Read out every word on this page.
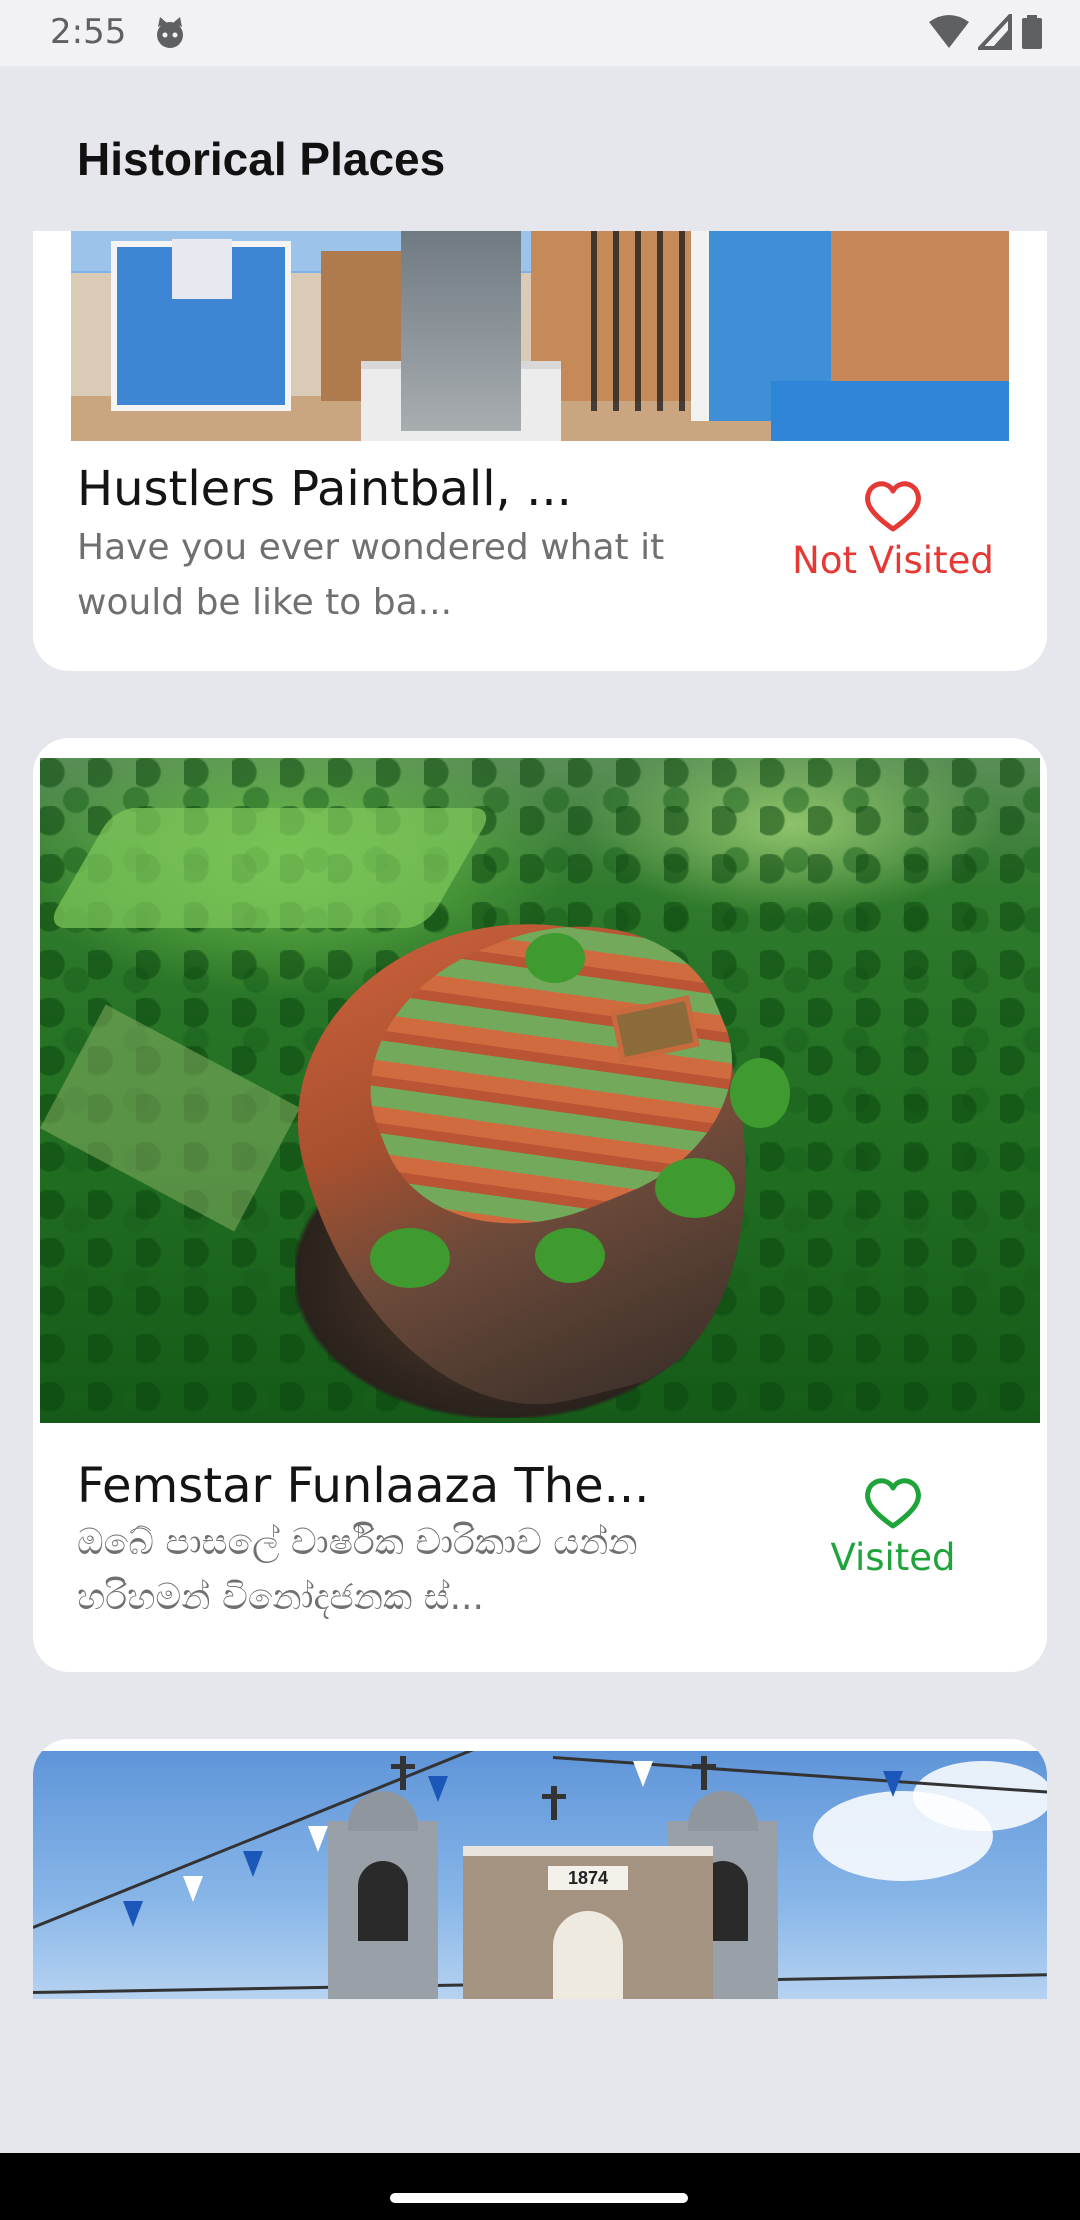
2:55
Historical Places
Hustlers Paintball, ...
Have you ever wondered what it would be like to ba...
Not Visited
Femstar Funlaaza The...
ඔබේ පාසලේ වාර්ෂික චාරිකාව යන්න හරිහමන් විනෝදජනක ස්...
Visited
1874
